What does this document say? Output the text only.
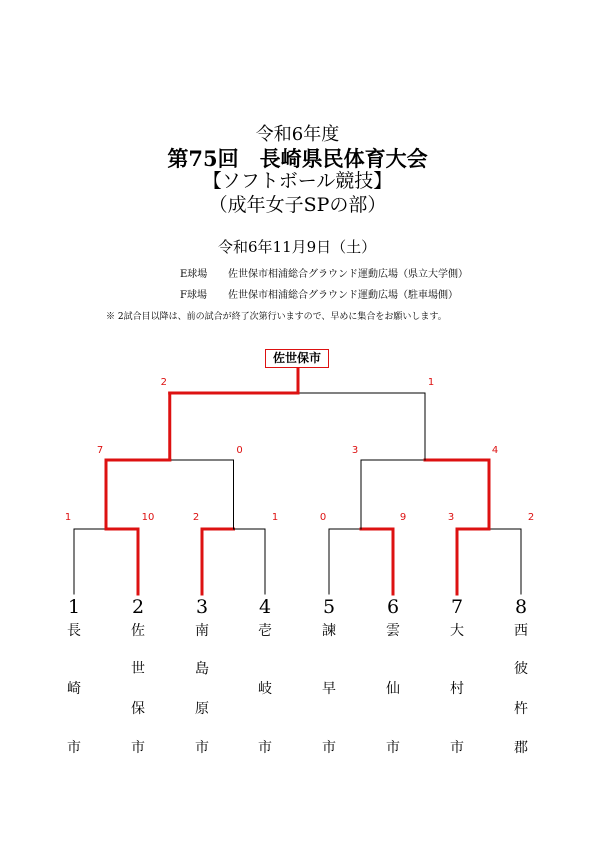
令和6年度
第75回　長崎県民体育大会
【ソフトボール競技】
（成年女子SPの部）
令和6年11月9日（土）
E球場 佐世保市相浦総合グラウンド運動広場（県立大学側）
F球場 佐世保市相浦総合グラウンド運動広場（駐車場側）
※ 2試合目以降は、前の試合が終了次第行いますので、早めに集合をお願いします。
佐世保市
1	10	2	1	0	9	3	2
7	0	3	4
2	1
1
長
崎
市
2
佐
世
保
市
3
南
島
原
市
4
壱
岐
市
5
諫
早
市
6
雲
仙
市
7
大
村
市
8
西
彼
杵
郡
